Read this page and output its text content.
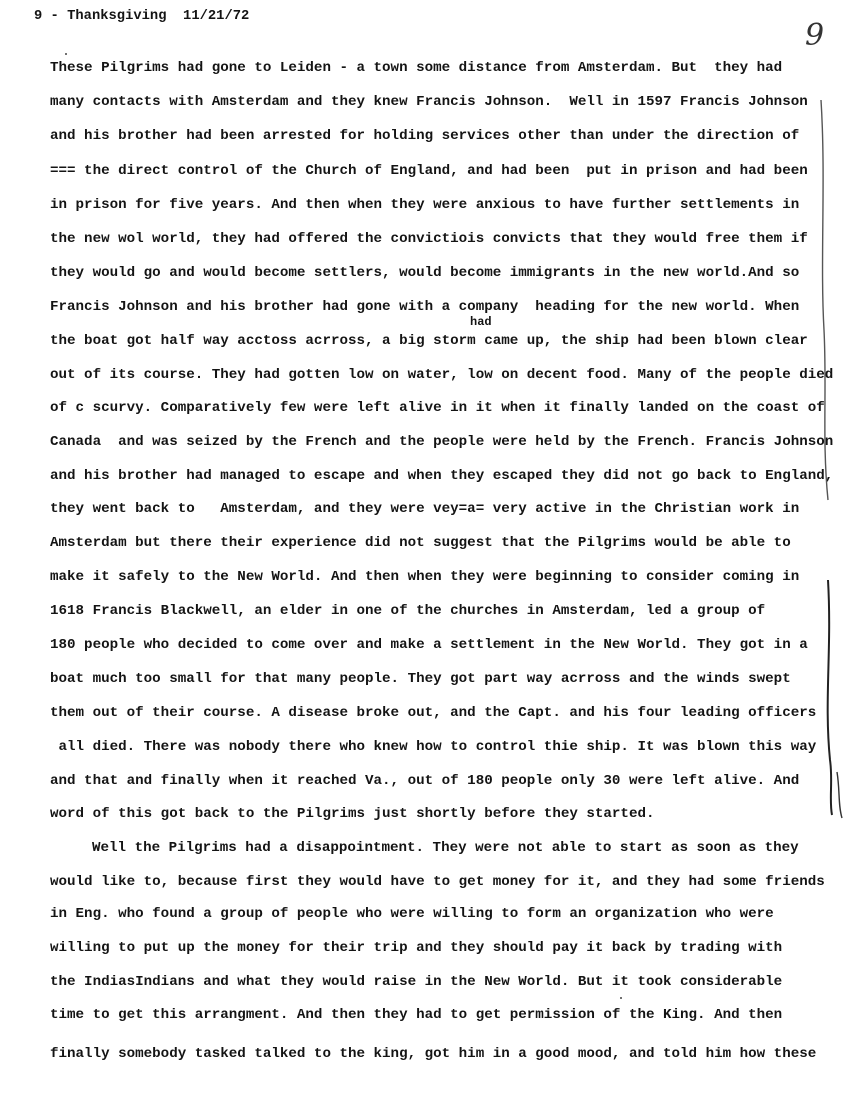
9 - Thanksgiving 11/21/72
9
These Pilgrims had gone to Leiden - a town some distance from Amsterdam. But  they had
many contacts with Amsterdam and they knew Francis Johnson.  Well in 1597 Francis Johnson
and his brother had been arrested for holding services other than under the direction of
=== the direct control of the Church of England, and had been  put in prison and had been
in prison for five years. And then when they were anxious to have further settlements in
the new wol world, they had offered the convictiois convicts that they would free them if
they would go and would become settlers, would become immigrants in the new world.And so
Francis Johnson and his brother had gone with a company  heading for the new world. When
had
the boat got half way acctoss acrross, a big storm came up, the ship had been blown clear
out of its course. They had gotten low on water, low on decent food. Many of the people died
of c scurvy. Comparatively few were left alive in it when it finally landed on the coast of
Canada  and was seized by the French and the people were held by the French. Francis Johnson
and his brother had managed to escape and when they escaped they did not go back to England,
they went back to   Amsterdam, and they were vey=a= very active in the Christian work in
Amsterdam but there their experience did not suggest that the Pilgrims would be able to
make it safely to the New World. And then when they were beginning to consider coming in
1618 Francis Blackwell, an elder in one of the churches in Amsterdam, led a group of
180 people who decided to come over and make a settlement in the New World. They got in a
boat much too small for that many people. They got part way acrross and the winds swept
them out of their course. A disease broke out, and the Capt. and his four leading officers
all died. There was nobody there who knew how to control thie ship. It was blown this way
and that and finally when it reached Va., out of 180 people only 30 were left alive. And
word of this got back to the Pilgrims just shortly before they started.
Well the Pilgrims had a disappointment. They were not able to start as soon as they
would like to, because first they would have to get money for it, and they had some friends
in Eng. who found a group of people who were willing to form an organization who were
willing to put up the money for their trip and they should pay it back by trading with
the IndiasIndians and what they would raise in the New World. But it took considerable
time to get this arrangment. And then they had to get permission of the King. And then
finally somebody tasked talked to the king, got him in a good mood, and told him how these
